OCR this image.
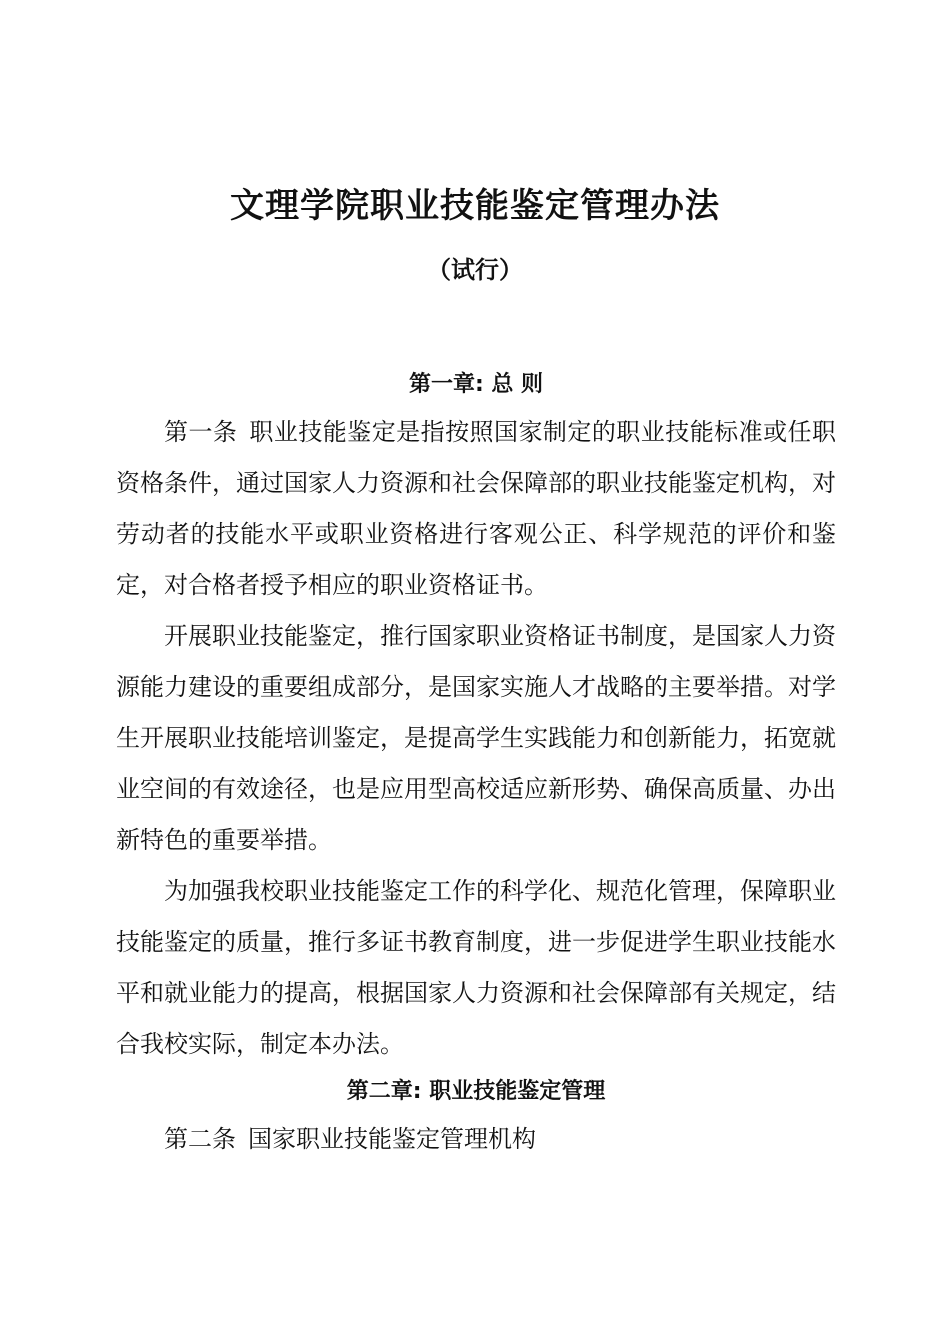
文理学院职业技能鉴定管理办法
（试行）
第一章: 总 则

第一条 职业技能鉴定是指按照国家制定的职业技能标准或任职资格条件，通过国家人力资源和社会保障部的职业技能鉴定机构，对劳动者的技能水平或职业资格进行客观公正、科学规范的评价和鉴定，对合格者授予相应的职业资格证书。

开展职业技能鉴定，推行国家职业资格证书制度，是国家人力资源能力建设的重要组成部分，是国家实施人才战略的主要举措。对学生开展职业技能培训鉴定，是提高学生实践能力和创新能力，拓宽就业空间的有效途径，也是应用型高校适应新形势、确保高质量、办出新特色的重要举措。

为加强我校职业技能鉴定工作的科学化、规范化管理，保障职业技能鉴定的质量，推行多证书教育制度，进一步促进学生职业技能水平和就业能力的提高，根据国家人力资源和社会保障部有关规定，结合我校实际，制定本办法。

第二章: 职业技能鉴定管理

第二条 国家职业技能鉴定管理机构
